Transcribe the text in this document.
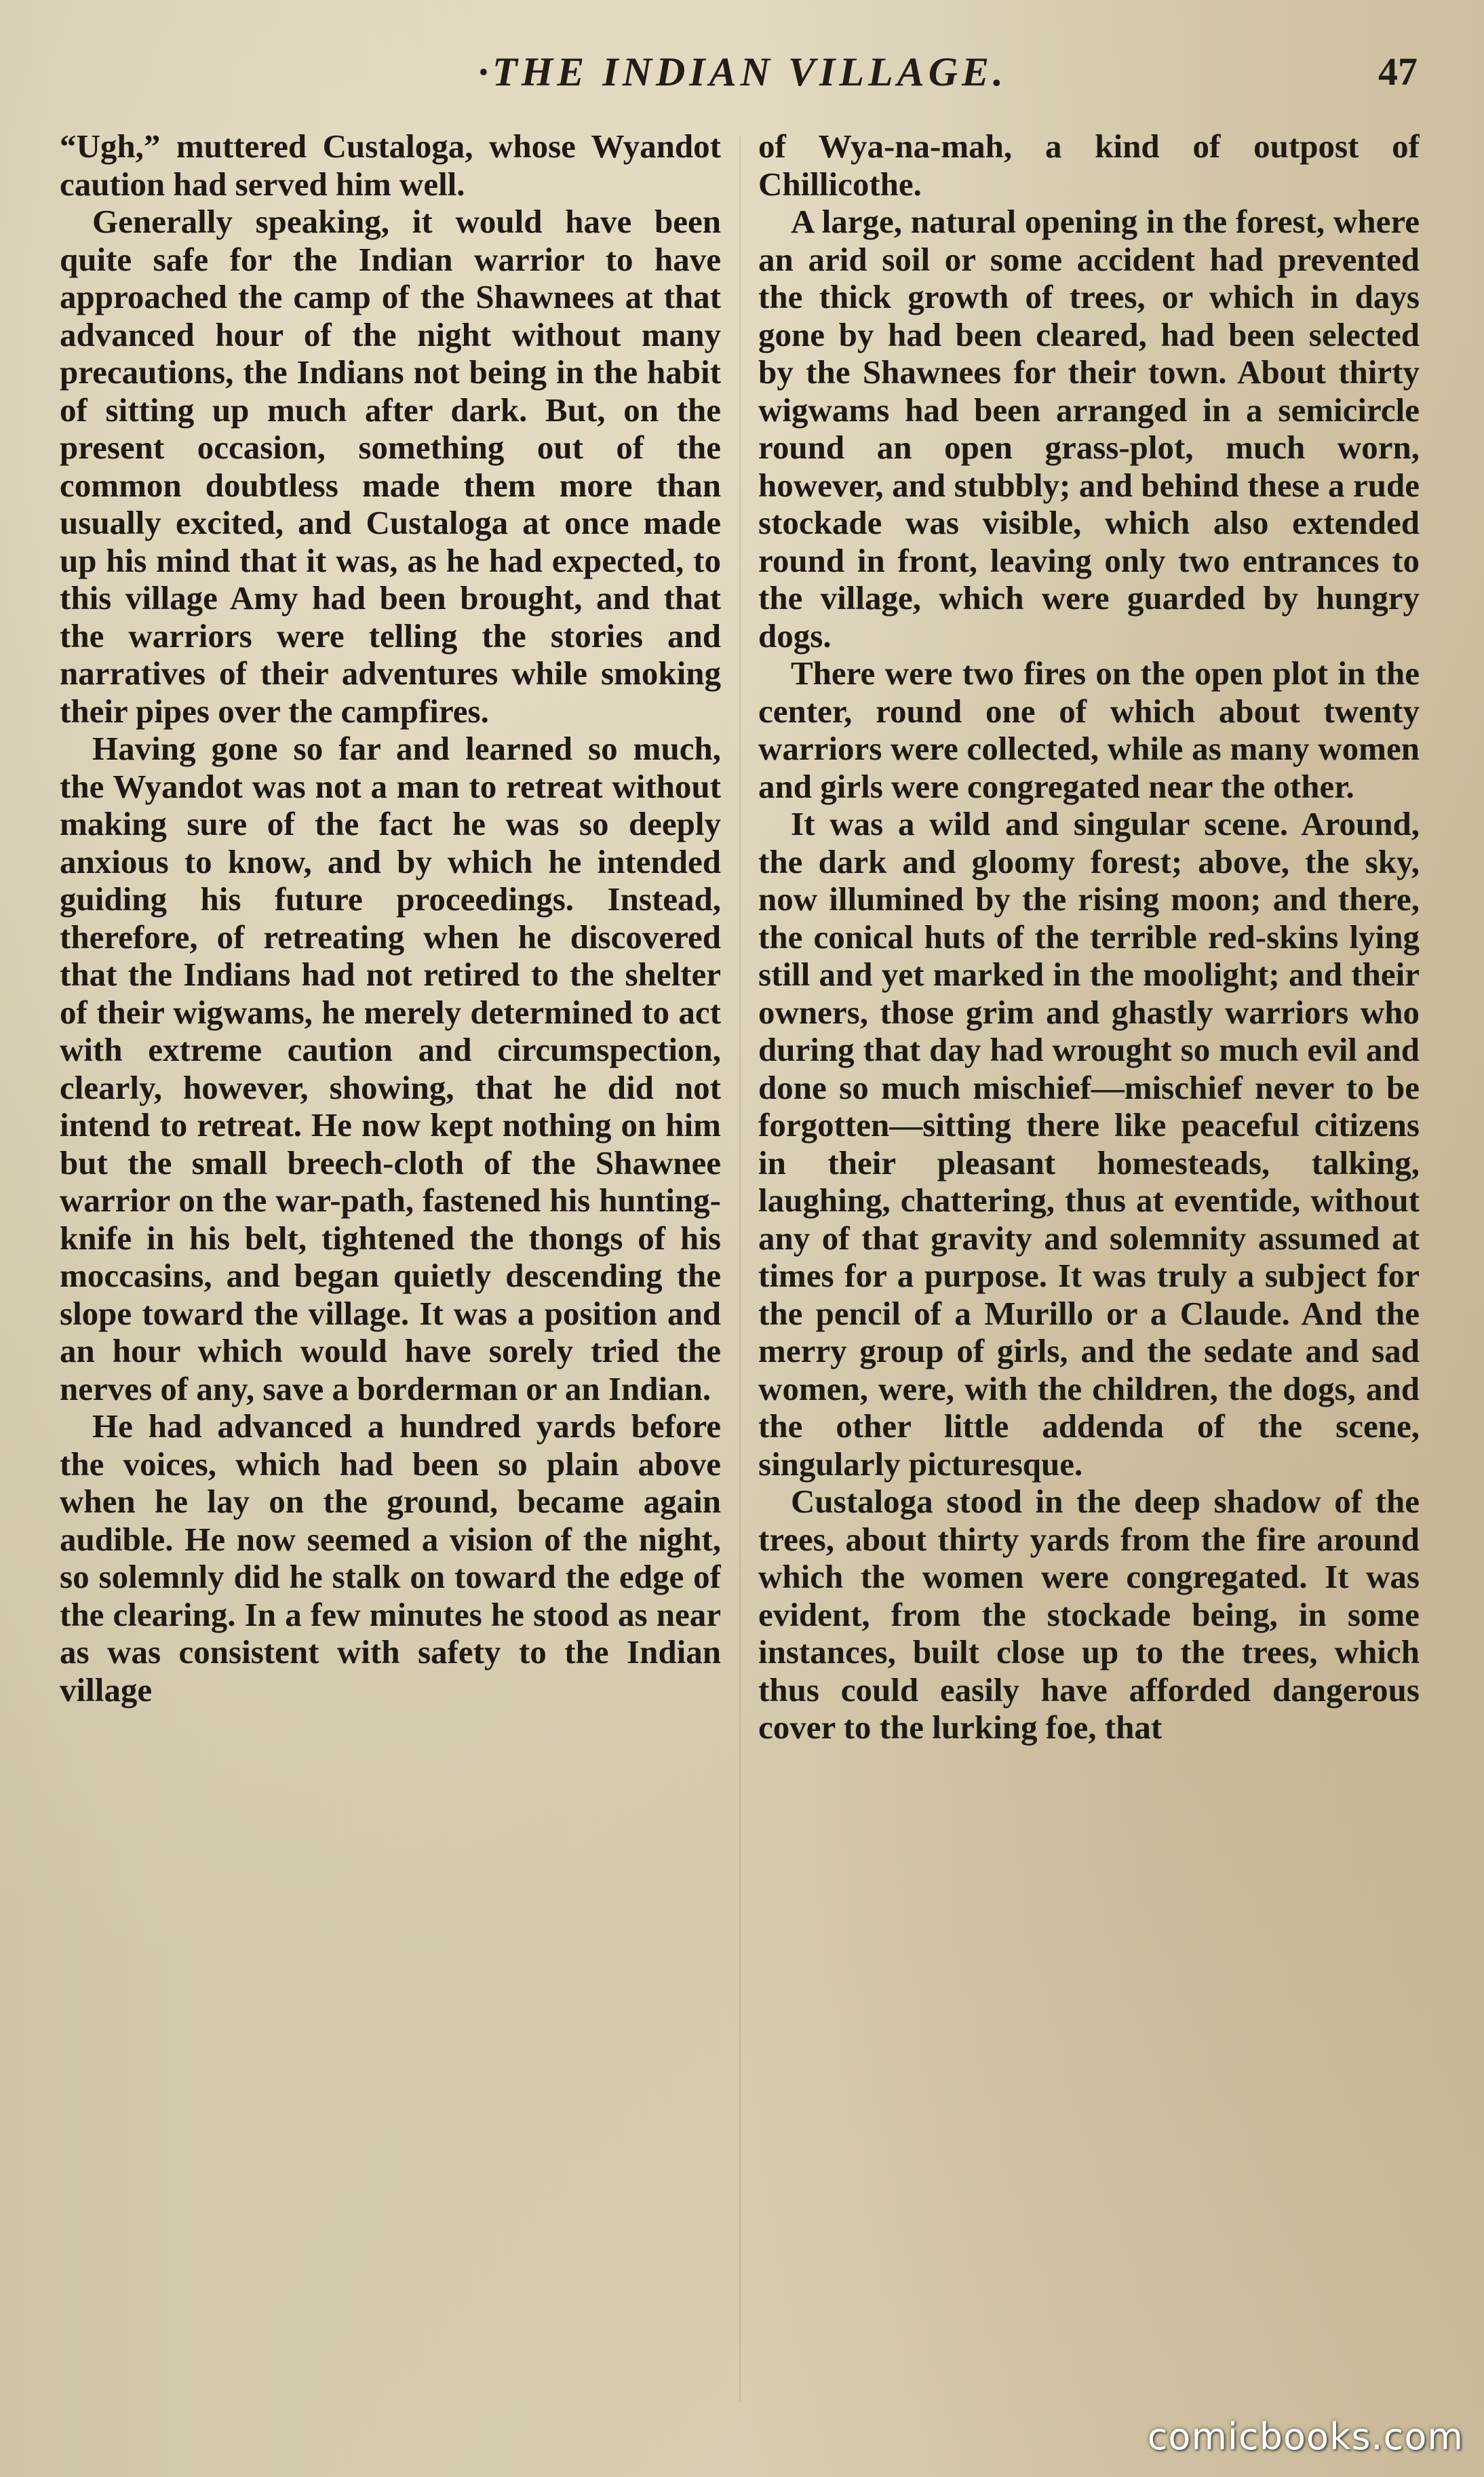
·THE INDIAN VILLAGE.	47

“Ugh,” muttered Custaloga, whose Wyandot caution had served him well.

Generally speaking, it would have been quite safe for the Indian warrior to have approached the camp of the Shawnees at that advanced hour of the night without many precautions, the Indians not being in the habit of sitting up much after dark. But, on the present occasion, something out of the common doubtless made them more than usually excited, and Custaloga at once made up his mind that it was, as he had expected, to this village Amy had been brought, and that the warriors were telling the stories and narratives of their adventures while smoking their pipes over the campfires.

Having gone so far and learned so much, the Wyandot was not a man to retreat without making sure of the fact he was so deeply anxious to know, and by which he intended guiding his future proceedings. Instead, therefore, of retreating when he discovered that the Indians had not retired to the shelter of their wigwams, he merely determined to act with extreme caution and circumspection, clearly, however, showing, that he did not intend to retreat. He now kept nothing on him but the small breech-cloth of the Shawnee warrior on the war-path, fastened his hunting-knife in his belt, tightened the thongs of his moccasins, and began quietly descending the slope toward the village. It was a position and an hour which would have sorely tried the nerves of any, save a borderman or an Indian.

He had advanced a hundred yards before the voices, which had been so plain above when he lay on the ground, became again audible. He now seemed a vision of the night, so solemnly did he stalk on toward the edge of the clearing. In a few minutes he stood as near as was consistent with safety to the Indian village

of Wya-na-mah, a kind of outpost of Chillicothe.

A large, natural opening in the forest, where an arid soil or some accident had prevented the thick growth of trees, or which in days gone by had been cleared, had been selected by the Shawnees for their town. About thirty wigwams had been arranged in a semicircle round an open grass-plot, much worn, however, and stubbly; and behind these a rude stockade was visible, which also extended round in front, leaving only two entrances to the village, which were guarded by hungry dogs.

There were two fires on the open plot in the center, round one of which about twenty warriors were collected, while as many women and girls were congregated near the other.

It was a wild and singular scene. Around, the dark and gloomy forest; above, the sky, now illumined by the rising moon; and there, the conical huts of the terrible red-skins lying still and yet marked in the moolight; and their owners, those grim and ghastly warriors who during that day had wrought so much evil and done so much mischief—mischief never to be forgotten—sitting there like peaceful citizens in their pleasant homesteads, talking, laughing, chattering, thus at eventide, without any of that gravity and solemnity assumed at times for a purpose. It was truly a subject for the pencil of a Murillo or a Claude. And the merry group of girls, and the sedate and sad women, were, with the children, the dogs, and the other little addenda of the scene, singularly picturesque.

Custaloga stood in the deep shadow of the trees, about thirty yards from the fire around which the women were congregated. It was evident, from the stockade being, in some instances, built close up to the trees, which thus could easily have afforded dangerous cover to the lurking foe, that

comicbooks.com
